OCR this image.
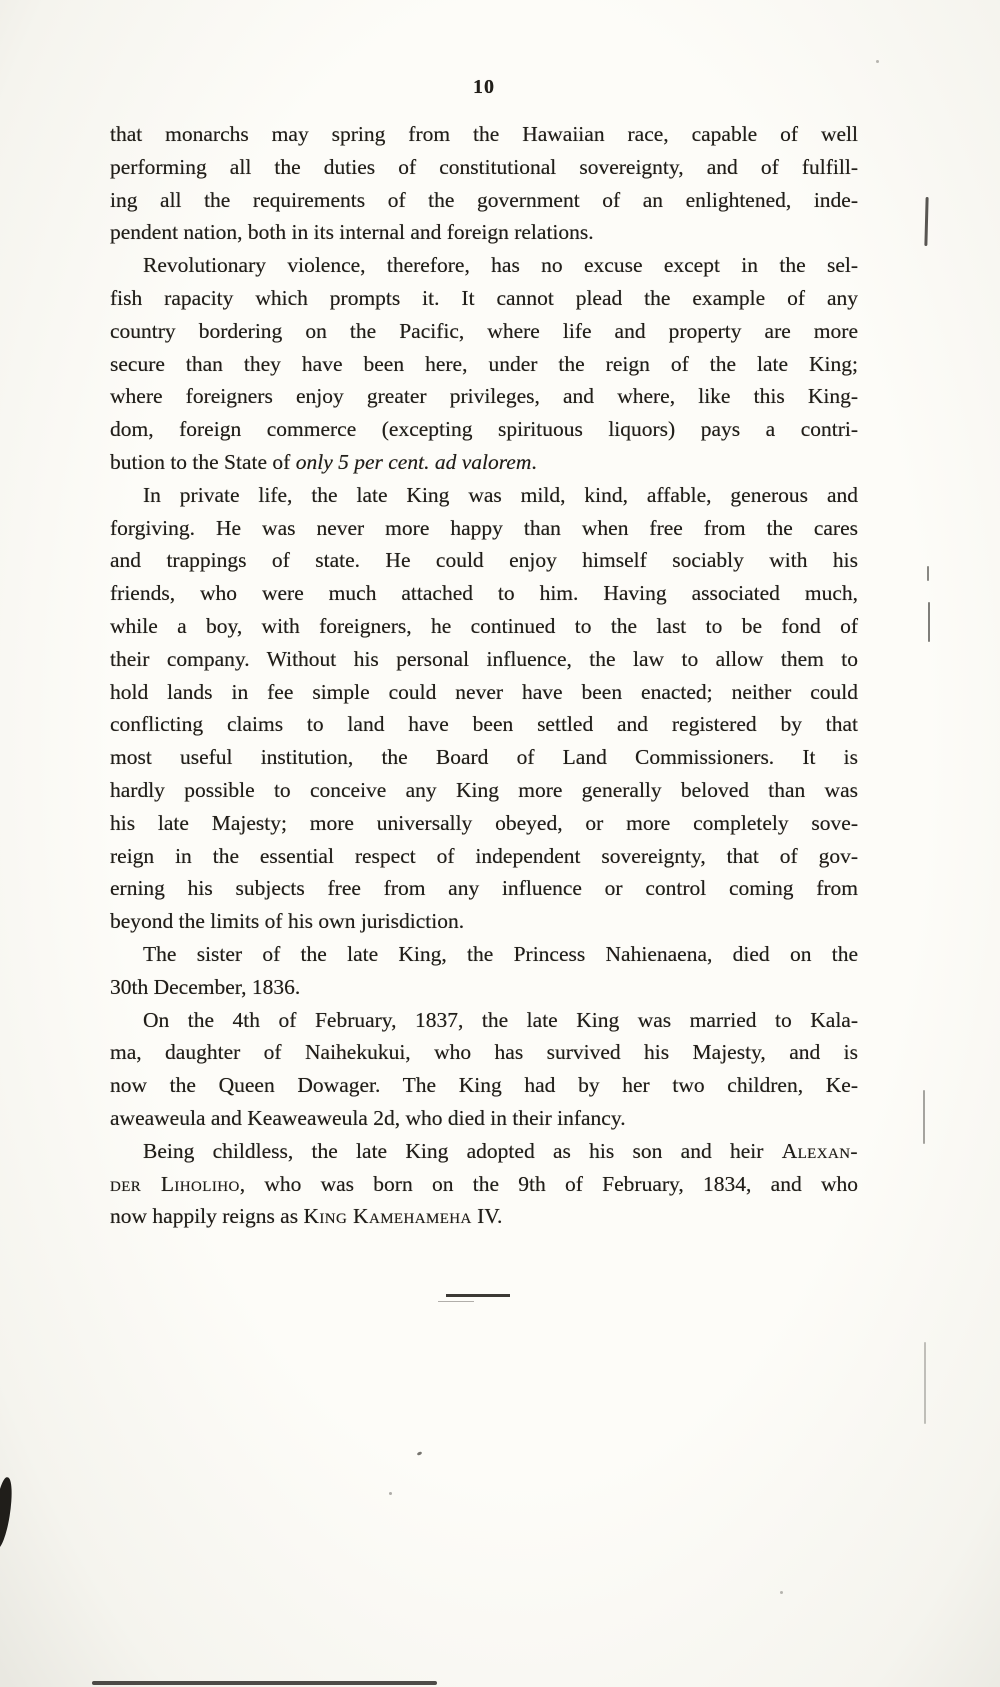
10
that monarchs may spring from the Hawaiian race, capable of well
performing all the duties of constitutional sovereignty, and of fulfill-
ing all the requirements of the government of an enlightened, inde-
pendent nation, both in its internal and foreign relations.
Revolutionary violence, therefore, has no excuse except in the sel-
fish rapacity which prompts it. It cannot plead the example of any
country bordering on the Pacific, where life and property are more
secure than they have been here, under the reign of the late King;
where foreigners enjoy greater privileges, and where, like this King-
dom, foreign commerce (excepting spirituous liquors) pays a contri-
bution to the State of only 5 per cent. ad valorem.
In private life, the late King was mild, kind, affable, generous and
forgiving. He was never more happy than when free from the cares
and trappings of state. He could enjoy himself sociably with his
friends, who were much attached to him. Having associated much,
while a boy, with foreigners, he continued to the last to be fond of
their company. Without his personal influence, the law to allow them to
hold lands in fee simple could never have been enacted; neither could
conflicting claims to land have been settled and registered by that
most useful institution, the Board of Land Commissioners. It is
hardly possible to conceive any King more generally beloved than was
his late Majesty; more universally obeyed, or more completely sove-
reign in the essential respect of independent sovereignty, that of gov-
erning his subjects free from any influence or control coming from
beyond the limits of his own jurisdiction.
The sister of the late King, the Princess Nahienaena, died on the
30th December, 1836.
On the 4th of February, 1837, the late King was married to Kala-
ma, daughter of Naihekukui, who has survived his Majesty, and is
now the Queen Dowager. The King had by her two children, Ke-
aweaweula and Keaweaweula 2d, who died in their infancy.
Being childless, the late King adopted as his son and heir Alexan-
der Liholiho, who was born on the 9th of February, 1834, and who
now happily reigns as King Kamehameha IV.
